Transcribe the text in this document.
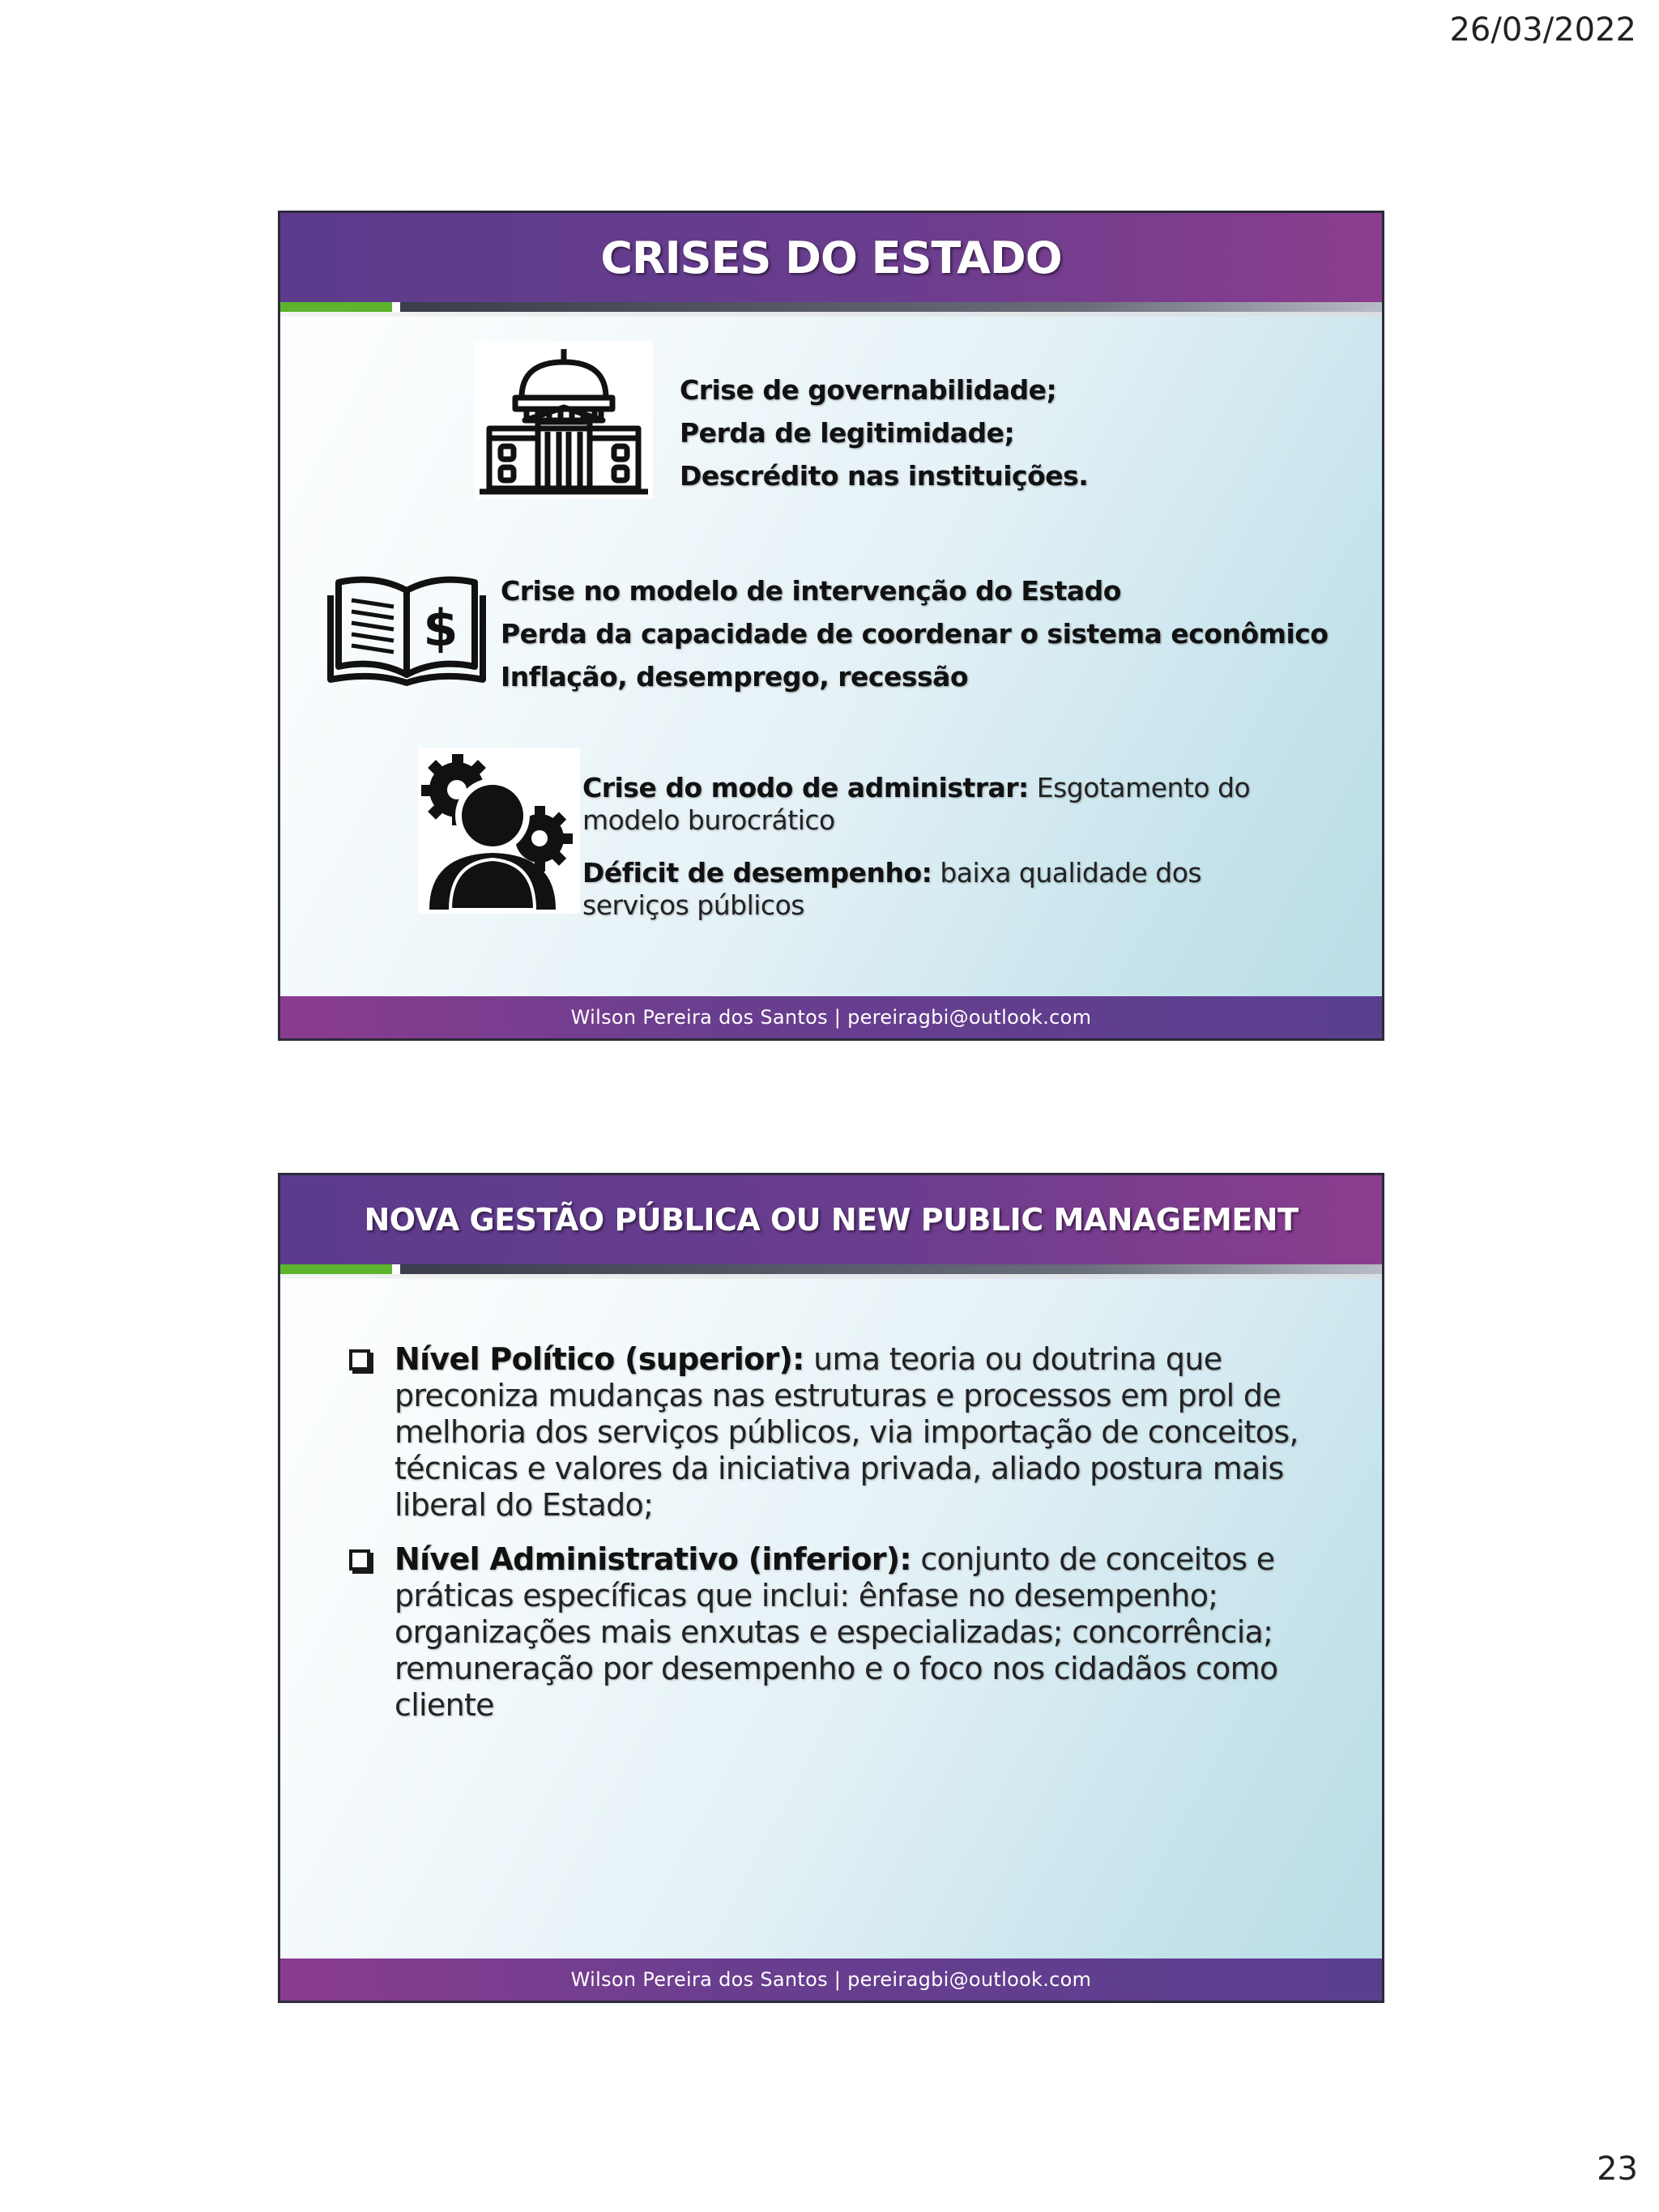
26/03/2022
CRISES DO ESTADO
Crise de governabilidade;
Perda de legitimidade;
Descrédito nas instituições.
$
Crise no modelo de intervenção do Estado
Perda da capacidade de coordenar o sistema econômico
Inflação, desemprego, recessão
Crise do modo de administrar: Esgotamento do modelo burocrático
Déficit de desempenho: baixa qualidade dos serviços públicos
Wilson Pereira dos Santos | pereiragbi@outlook.com
NOVA GESTÃO PÚBLICA OU NEW PUBLIC MANAGEMENT
Nível Político (superior): uma teoria ou doutrina que preconiza mudanças nas estruturas e processos em prol de melhoria dos serviços públicos, via importação de conceitos, técnicas e valores da iniciativa privada, aliado postura mais liberal do Estado;
Nível Administrativo (inferior): conjunto de conceitos e práticas específicas que inclui: ênfase no desempenho; organizações mais enxutas e especializadas; concorrência; remuneração por desempenho e o foco nos cidadãos como cliente
Wilson Pereira dos Santos | pereiragbi@outlook.com
23
